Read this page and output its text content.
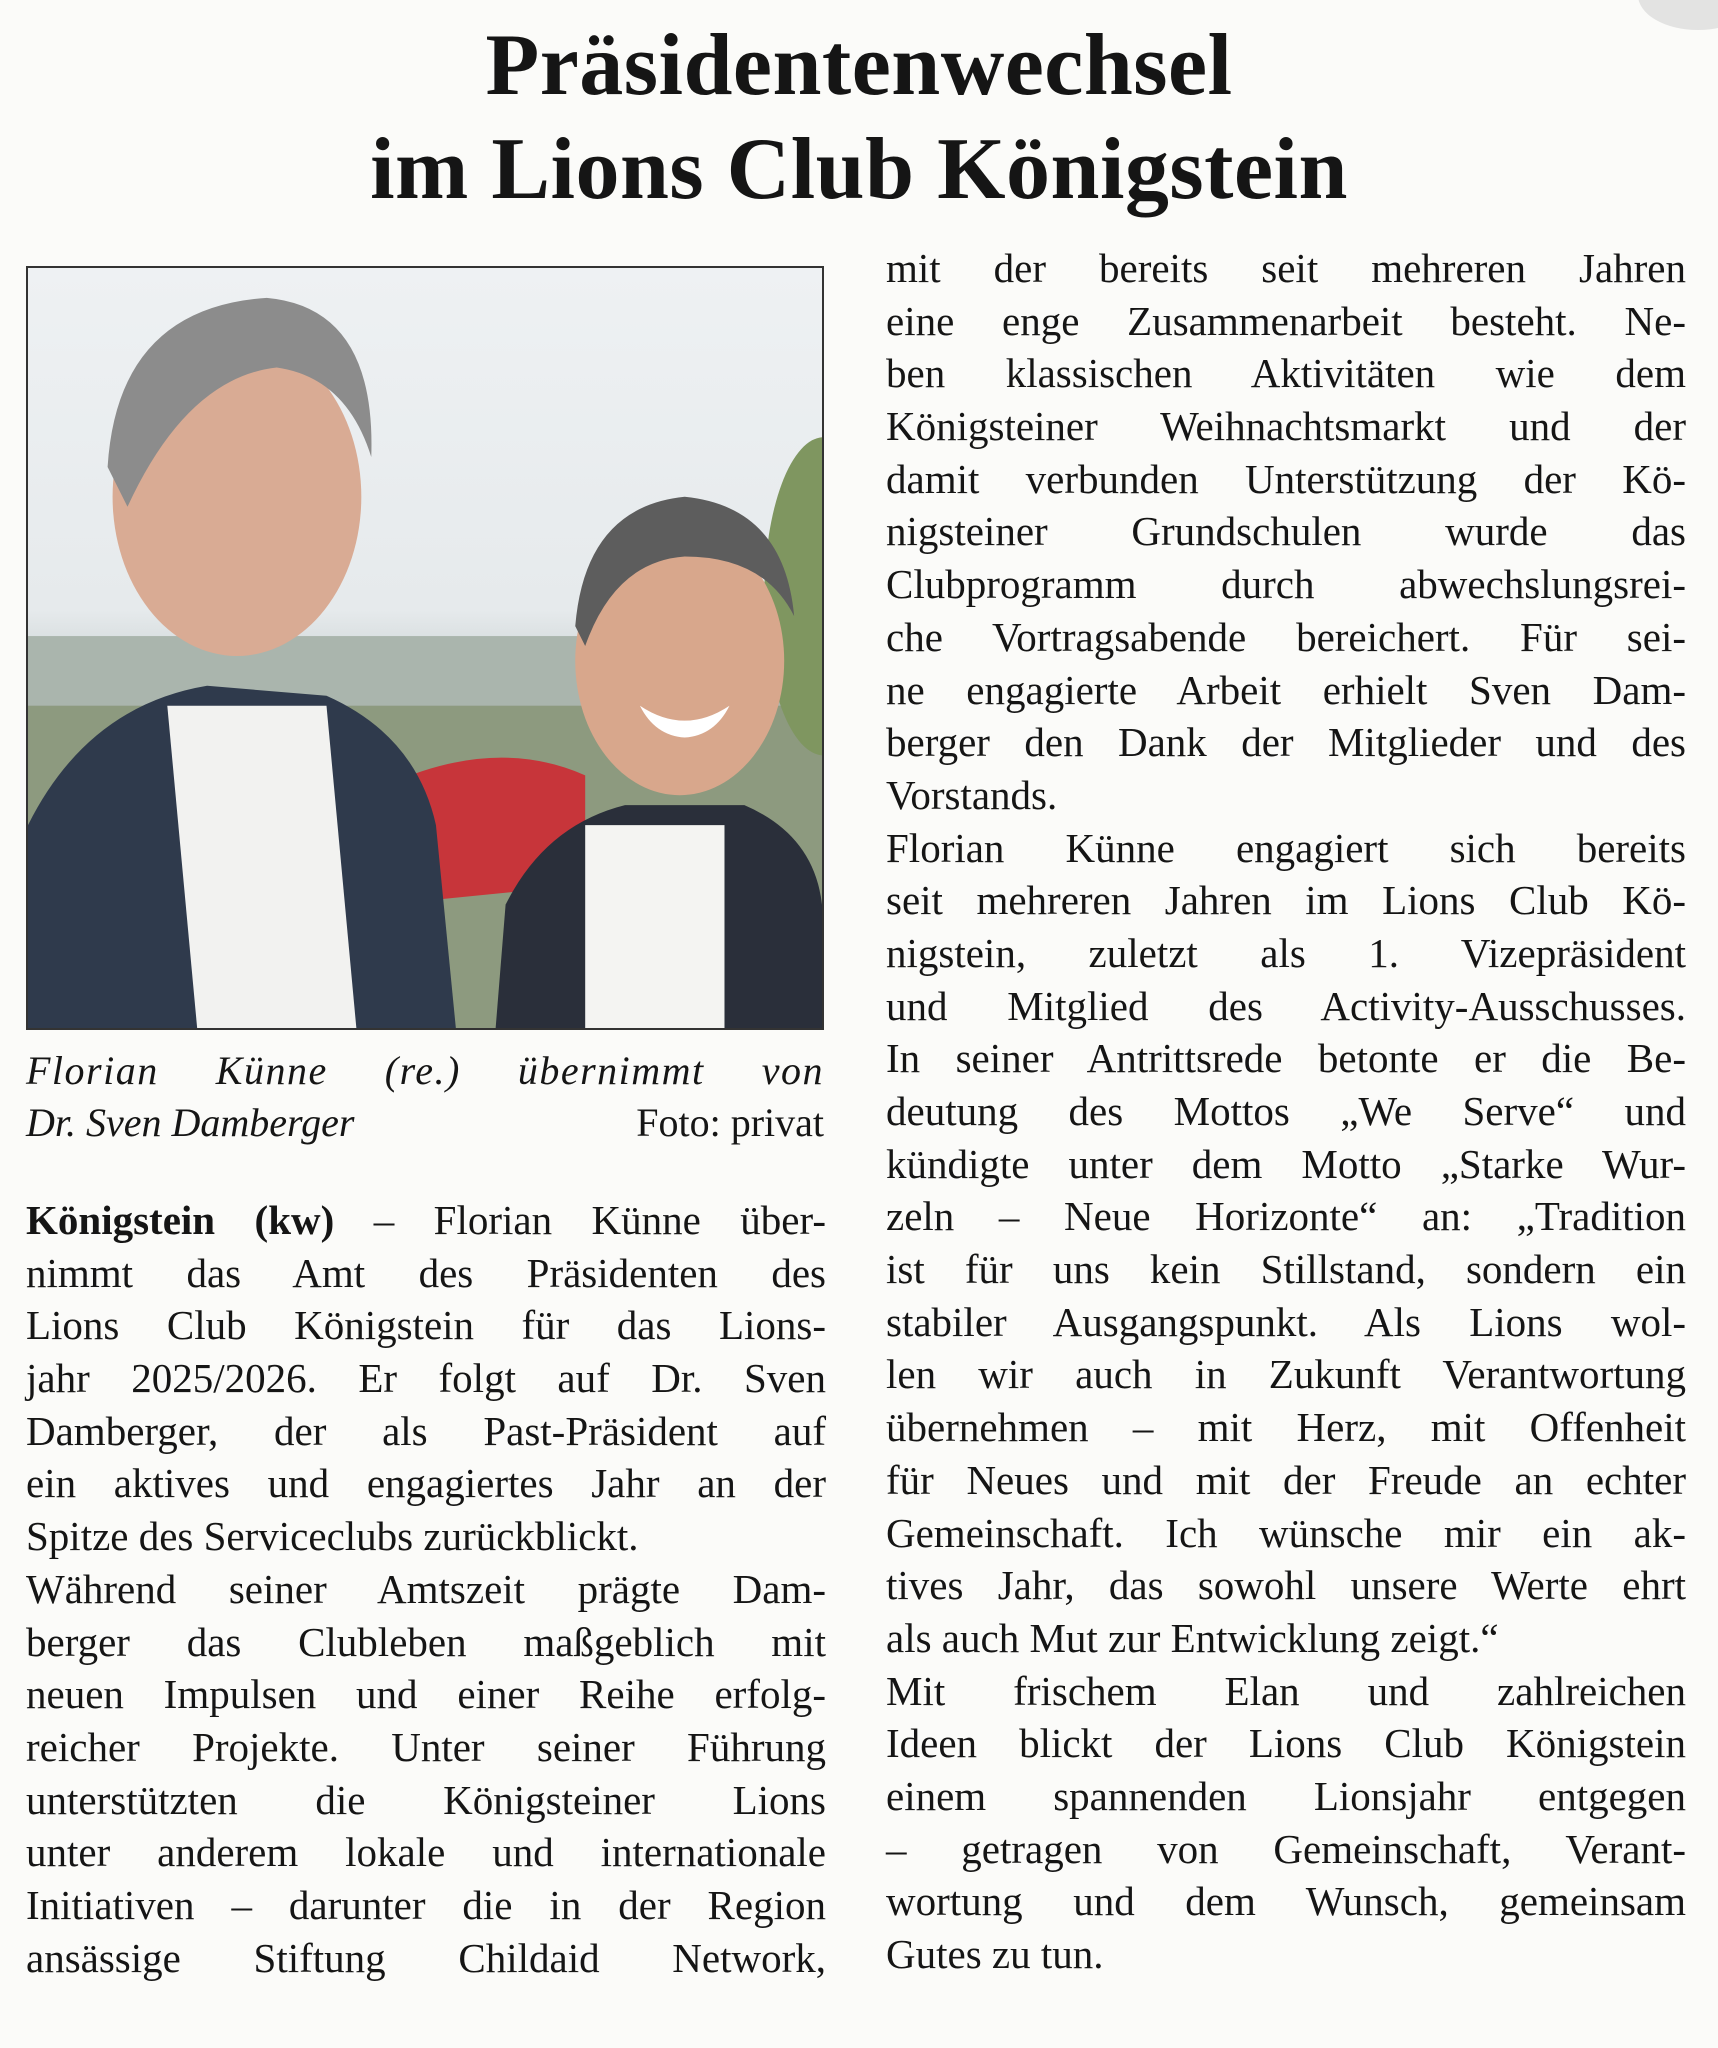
Präsidentenwechsel
im Lions Club Königstein
Florian Künne (re.) übernimmt von
Dr. Sven Damberger	Foto: privat
Königstein (kw) – Florian Künne über-
nimmt das Amt des Präsidenten des
Lions Club Königstein für das Lions-
jahr 2025/2026. Er folgt auf Dr. Sven
Damberger, der als Past-Präsident auf
ein aktives und engagiertes Jahr an der
Spitze des Serviceclubs zurückblickt.
Während seiner Amtszeit prägte Dam-
berger das Clubleben maßgeblich mit
neuen Impulsen und einer Reihe erfolg-
reicher Projekte. Unter seiner Führung
unterstützten die Königsteiner Lions
unter anderem lokale und internationale
Initiativen – darunter die in der Region
ansässige Stiftung Childaid Network,
mit der bereits seit mehreren Jahren
eine enge Zusammenarbeit besteht. Ne-
ben klassischen Aktivitäten wie dem
Königsteiner Weihnachtsmarkt und der
damit verbunden Unterstützung der Kö-
nigsteiner Grundschulen wurde das
Clubprogramm durch abwechslungsrei-
che Vortragsabende bereichert. Für sei-
ne engagierte Arbeit erhielt Sven Dam-
berger den Dank der Mitglieder und des
Vorstands.
Florian Künne engagiert sich bereits
seit mehreren Jahren im Lions Club Kö-
nigstein, zuletzt als 1. Vizepräsident
und Mitglied des Activity-Ausschusses.
In seiner Antrittsrede betonte er die Be-
deutung des Mottos „We Serve“ und
kündigte unter dem Motto „Starke Wur-
zeln – Neue Horizonte“ an: „Tradition
ist für uns kein Stillstand, sondern ein
stabiler Ausgangspunkt. Als Lions wol-
len wir auch in Zukunft Verantwortung
übernehmen – mit Herz, mit Offenheit
für Neues und mit der Freude an echter
Gemeinschaft. Ich wünsche mir ein ak-
tives Jahr, das sowohl unsere Werte ehrt
als auch Mut zur Entwicklung zeigt.“
Mit frischem Elan und zahlreichen
Ideen blickt der Lions Club Königstein
einem spannenden Lionsjahr entgegen
– getragen von Gemeinschaft, Verant-
wortung und dem Wunsch, gemeinsam
Gutes zu tun.
